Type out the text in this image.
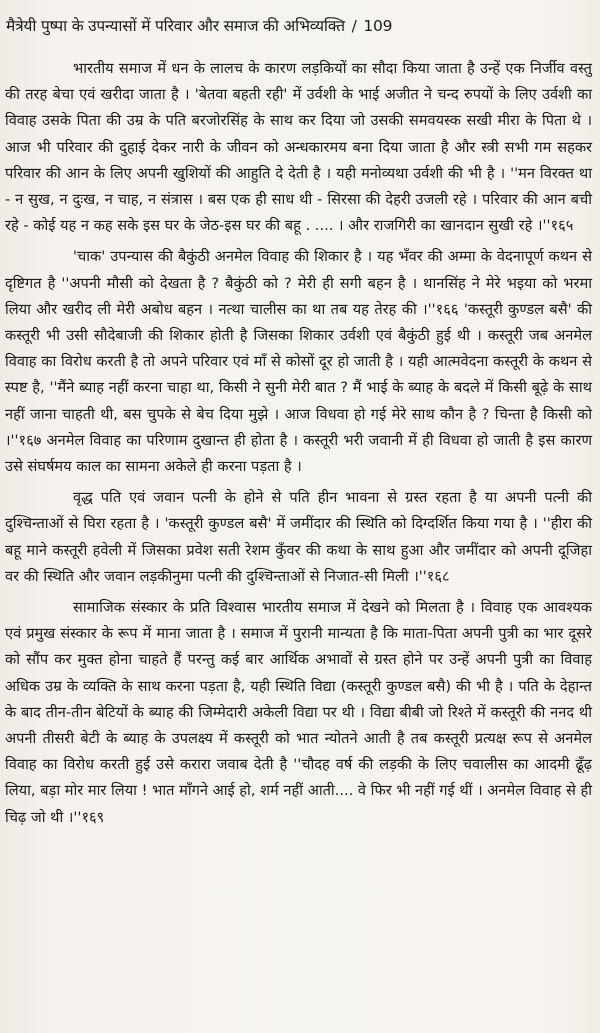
मैत्रेयी पुष्पा के उपन्यासों में परिवार और समाज की अभिव्यक्ति / 109

भारतीय समाज में धन के लालच के कारण लड़कियों का सौदा किया जाता है उन्हें एक निर्जीव वस्तु की तरह बेचा एवं खरीदा जाता है । 'बेतवा बहती रही' में उर्वशी के भाई अजीत ने चन्द रुपयों के लिए उर्वशी का विवाह उसके पिता की उम्र के पति बरजोरसिंह के साथ कर दिया जो उसकी समवयस्क सखी मीरा के पिता थे । आज भी परिवार की दुहाई देकर नारी के जीवन को अन्धकारमय बना दिया जाता है और स्त्री सभी गम सहकर परिवार की आन के लिए अपनी खुशियों की आहुति दे देती है । यही मनोव्यथा उर्वशी की भी है । ''मन विरक्त था - न सुख, न दुःख, न चाह, न संत्रास । बस एक ही साध थी - सिरसा की देहरी उजली रहे । परिवार की आन बची रहे - कोई यह न कह सके इस घर के जेठ-इस घर की बहू . .... । और राजगिरी का खानदान सुखी रहे ।''१६५

'चाक' उपन्यास की बैकुंठी अनमेल विवाह की शिकार है । यह भँवर की अम्मा के वेदनापूर्ण कथन से दृष्टिगत है ''अपनी मौसी को देखता है ? बैकुंठी को ? मेरी ही सगी बहन है । थानसिंह ने मेरे भइया को भरमा लिया और खरीद ली मेरी अबोध बहन । नत्था चालीस का था तब यह तेरह की ।''१६६ 'कस्तूरी कुण्डल बसै' की कस्तूरी भी उसी सौदेबाजी की शिकार होती है जिसका शिकार उर्वशी एवं बैकुंठी हुई थी । कस्तूरी जब अनमेल विवाह का विरोध करती है तो अपने परिवार एवं माँ से कोसों दूर हो जाती है । यही आत्मवेदना कस्तूरी के कथन से स्पष्ट है, ''मैंने ब्याह नहीं करना चाहा था, किसी ने सुनी मेरी बात ? मैं भाई के ब्याह के बदले में किसी बूढ़े के साथ नहीं जाना चाहती थी, बस चुपके से बेच दिया मुझे । आज विधवा हो गई मेरे साथ कौन है ? चिन्ता है किसी को ।''१६७ अनमेल विवाह का परिणाम दुखान्त ही होता है । कस्तूरी भरी जवानी में ही विधवा हो जाती है इस कारण उसे संघर्षमय काल का सामना अकेले ही करना पड़ता है ।

वृद्ध पति एवं जवान पत्नी के होने से पति हीन भावना से ग्रस्त रहता है या अपनी पत्नी की दुश्चिन्ताओं से घिरा रहता है । 'कस्तूरी कुण्डल बसै' में जमींदार की स्थिति को दिग्दर्शित किया गया है । ''हीरा की बहू माने कस्तूरी हवेली में जिसका प्रवेश सती रेशम कुँवर की कथा के साथ हुआ और जमींदार को अपनी दूजिहा वर की स्थिति और जवान लड़कीनुमा पत्नी की दुश्चिन्ताओं से निजात-सी मिली ।''१६८

सामाजिक संस्कार के प्रति विश्वास भारतीय समाज में देखने को मिलता है । विवाह एक आवश्यक एवं प्रमुख संस्कार के रूप में माना जाता है । समाज में पुरानी मान्यता है कि माता-पिता अपनी पुत्री का भार दूसरे को सौंप कर मुक्त होना चाहते हैं परन्तु कई बार आर्थिक अभावों से ग्रस्त होने पर उन्हें अपनी पुत्री का विवाह अधिक उम्र के व्यक्ति के साथ करना पड़ता है, यही स्थिति विद्या (कस्तूरी कुण्डल बसै) की भी है । पति के देहान्त के बाद तीन-तीन बेटियों के ब्याह की जिम्मेदारी अकेली विद्या पर थी । विद्या बीबी जो रिश्ते में कस्तूरी की ननद थी अपनी तीसरी बेटी के ब्याह के उपलक्ष्य में कस्तूरी को भात न्योतने आती है तब कस्तूरी प्रत्यक्ष रूप से अनमेल विवाह का विरोध करती हुई उसे करारा जवाब देती है ''चौदह वर्ष की लड़की के लिए चवालीस का आदमी ढूँढ़ लिया, बड़ा मोर मार लिया ! भात माँगने आई हो, शर्म नहीं आती.... वे फिर भी नहीं गई थीं । अनमेल विवाह से ही चिढ़ जो थी ।''१६९
